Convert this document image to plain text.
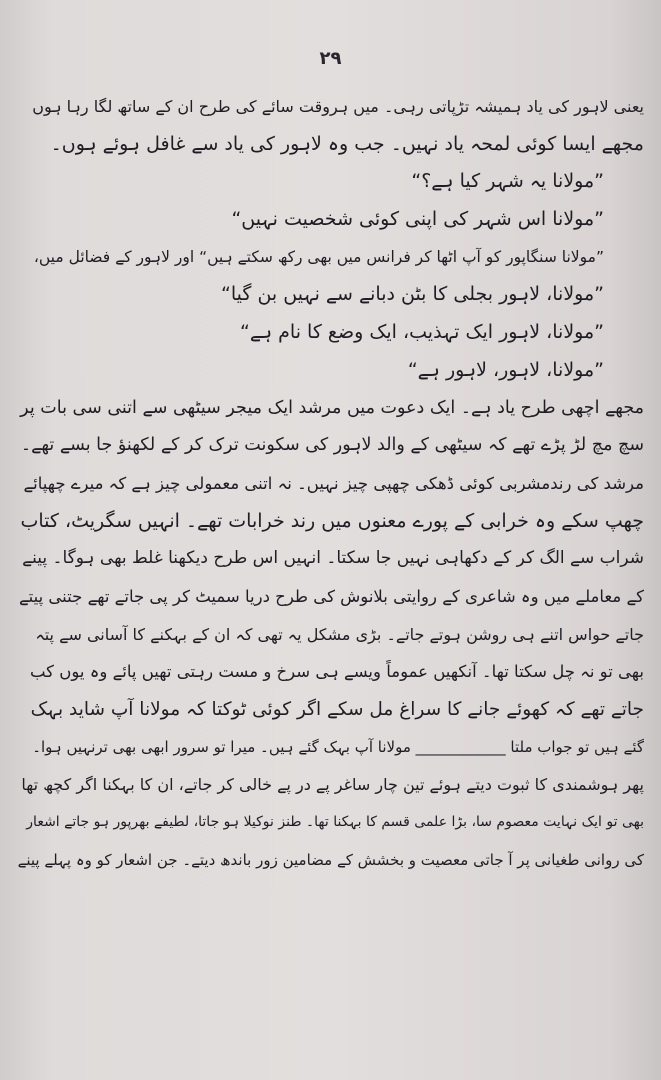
۲۹
یعنی لاہور کی یاد ہمیشہ تڑپاتی رہی۔ میں ہروقت سائے کی طرح ان کے ساتھ لگا رہا ہوں
مجھے ایسا کوئی لمحہ یاد نہیں۔ جب وہ لاہور کی یاد سے غافل ہوئے ہوں۔
”مولانا یہ شہر کیا ہے؟“
”مولانا اس شہر کی اپنی کوئی شخصیت نہیں“
”مولانا سنگاپور کو آپ اٹھا کر فرانس میں بھی رکھ سکتے ہیں“ اور لاہور کے فضائل میں،
”مولانا، لاہور بجلی کا بٹن دبانے سے نہیں بن گیا“
”مولانا، لاہور ایک تہذیب، ایک وضع کا نام ہے“
”مولانا، لاہور، لاہور ہے“
مجھے اچھی طرح یاد ہے۔ ایک دعوت میں مرشد ایک میجر سیٹھی سے اتنی سی بات پر
سچ مچ لڑ پڑے تھے کہ سیٹھی کے والد لاہور کی سکونت ترک کر کے لکھنؤ جا بسے تھے۔
مرشد کی رندمشربی کوئی ڈھکی چھپی چیز نہیں۔ نہ اتنی معمولی چیز ہے کہ میرے چھپائے
چھپ سکے وہ خرابی کے پورے معنوں میں رند خرابات تھے۔ انہیں سگریٹ، کتاب
شراب سے الگ کر کے دکھاہی نہیں جا سکتا۔ انہیں اس طرح دیکھنا غلط بھی ہوگا۔ پینے
کے معاملے میں وہ شاعری کے روایتی بلانوش کی طرح دریا سمیٹ کر پی جاتے تھے جتنی پیتے
جاتے حواس اتنے ہی روشن ہوتے جاتے۔ بڑی مشکل یہ تھی کہ ان کے بہکنے کا آسانی سے پتہ
بھی تو نہ چل سکتا تھا۔ آنکھیں عموماً ویسے ہی سرخ و مست رہتی تھیں پائے وہ یوں کب
جاتے تھے کہ کھوئے جانے کا سراغ مل سکے اگر کوئی ٹوکتا کہ مولانا آپ شاید بہک
گئے ہیں تو جواب ملتا ____________ مولانا آپ بہک گئے ہیں۔ میرا تو سرور ابھی بھی ترنہیں ہوا۔
پھر ہوشمندی کا ثبوت دیتے ہوئے تین چار ساغر پے در پے خالی کر جاتے، ان کا بہکنا اگر کچھ تھا
بھی تو ایک نہایت معصوم سا، بڑا علمی قسم کا بہکنا تھا۔ طنز نوکیلا ہو جاتا، لطیفے بھرپور ہو جاتے اشعار
کی روانی طغیانی پر آ جاتی معصیت و بخشش کے مضامین زور باندھ دیتے۔ جن اشعار کو وہ پہلے پینے
